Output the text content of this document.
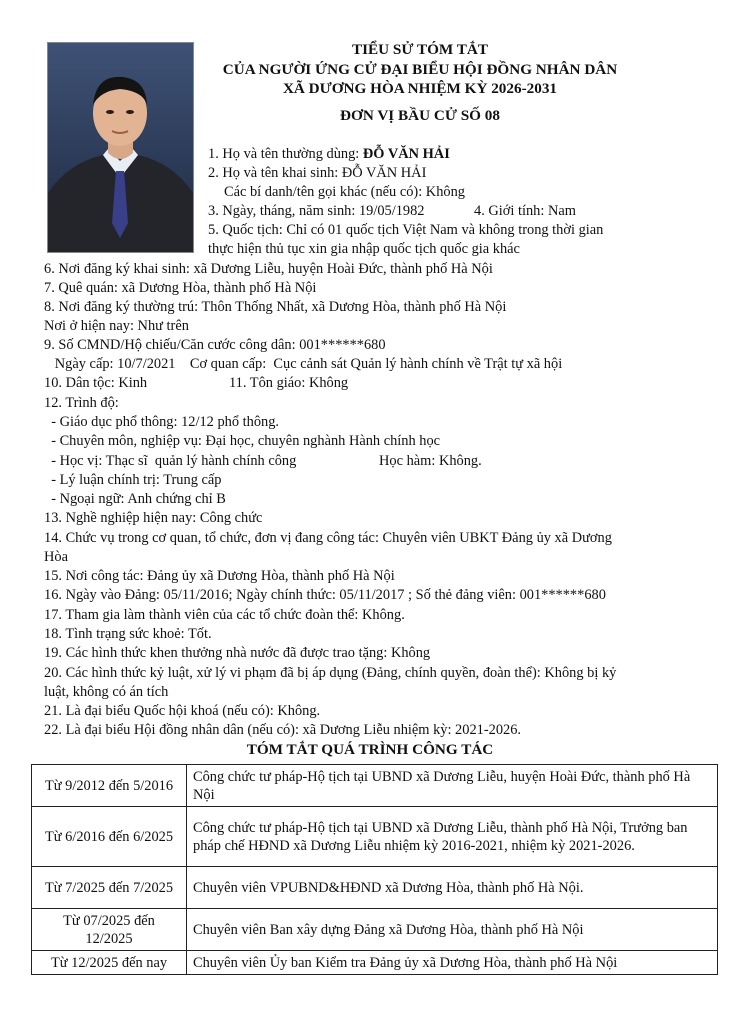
TIỂU SỬ TÓM TẮT
CỦA NGƯỜI ỨNG CỬ ĐẠI BIỂU HỘI ĐỒNG NHÂN DÂN
XÃ DƯƠNG HÒA NHIỆM KỲ 2026-2031
ĐƠN VỊ BẦU CỬ SỐ 08
1. Họ và tên thường dùng: ĐỖ VĂN HẢI
2. Họ và tên khai sinh: ĐỖ VĂN HẢI
Các bí danh/tên gọi khác (nếu có): Không
3. Ngày, tháng, năm sinh: 19/05/1982	4. Giới tính: Nam
5. Quốc tịch: Chỉ có 01 quốc tịch Việt Nam và không trong thời gian
thực hiện thủ tục xin gia nhập quốc tịch quốc gia khác
6. Nơi đăng ký khai sinh: xã Dương Liễu, huyện Hoài Đức, thành phố Hà Nội
7. Quê quán: xã Dương Hòa, thành phố Hà Nội
8. Nơi đăng ký thường trú: Thôn Thống Nhất, xã Dương Hòa, thành phố Hà Nội
Nơi ở hiện nay: Như trên
9. Số CMND/Hộ chiếu/Căn cước công dân: 001******680
Ngày cấp: 10/7/2021    Cơ quan cấp:  Cục cảnh sát Quản lý hành chính về Trật tự xã hội
10. Dân tộc: Kinh	11. Tôn giáo: Không
12. Trình độ:
- Giáo dục phổ thông: 12/12 phổ thông.
- Chuyên môn, nghiệp vụ: Đại học, chuyên nghành Hành chính học
- Học vị: Thạc sĩ  quản lý hành chính công	Học hàm: Không.
- Lý luận chính trị: Trung cấp
- Ngoại ngữ: Anh chứng chỉ B
13. Nghề nghiệp hiện nay: Công chức
14. Chức vụ trong cơ quan, tổ chức, đơn vị đang công tác: Chuyên viên UBKT Đảng ủy xã Dương
Hòa
15. Nơi công tác: Đảng ủy xã Dương Hòa, thành phố Hà Nội
16. Ngày vào Đảng: 05/11/2016; Ngày chính thức: 05/11/2017 ; Số thẻ đảng viên: 001******680
17. Tham gia làm thành viên của các tổ chức đoàn thể: Không.
18. Tình trạng sức khoẻ: Tốt.
19. Các hình thức khen thưởng nhà nước đã được trao tặng: Không
20. Các hình thức kỷ luật, xử lý vi phạm đã bị áp dụng (Đảng, chính quyền, đoàn thể): Không bị kỷ
luật, không có án tích
21. Là đại biểu Quốc hội khoá (nếu có): Không.
22. Là đại biểu Hội đồng nhân dân (nếu có): xã Dương Liễu nhiệm kỳ: 2021-2026.
TÓM TẮT QUÁ TRÌNH CÔNG TÁC
Từ 9/2012 đến 5/2016	Công chức tư pháp-Hộ tịch tại UBND xã Dương Liễu, huyện Hoài Đức, thành phố Hà Nội
Từ 6/2016 đến 6/2025	Công chức tư pháp-Hộ tịch tại UBND xã Dương Liễu, thành phố Hà Nội, Trưởng ban pháp chế HĐND xã Dương Liễu nhiệm kỳ 2016-2021, nhiệm kỳ 2021-2026.
Từ 7/2025 đến 7/2025	Chuyên viên VPUBND&HĐND xã Dương Hòa, thành phố Hà Nội.
Từ 07/2025 đến 12/2025	Chuyên viên Ban xây dựng Đảng xã Dương Hòa, thành phố Hà Nội
Từ 12/2025 đến nay	Chuyên viên Ủy ban Kiểm tra Đảng ủy xã Dương Hòa, thành phố Hà Nội
